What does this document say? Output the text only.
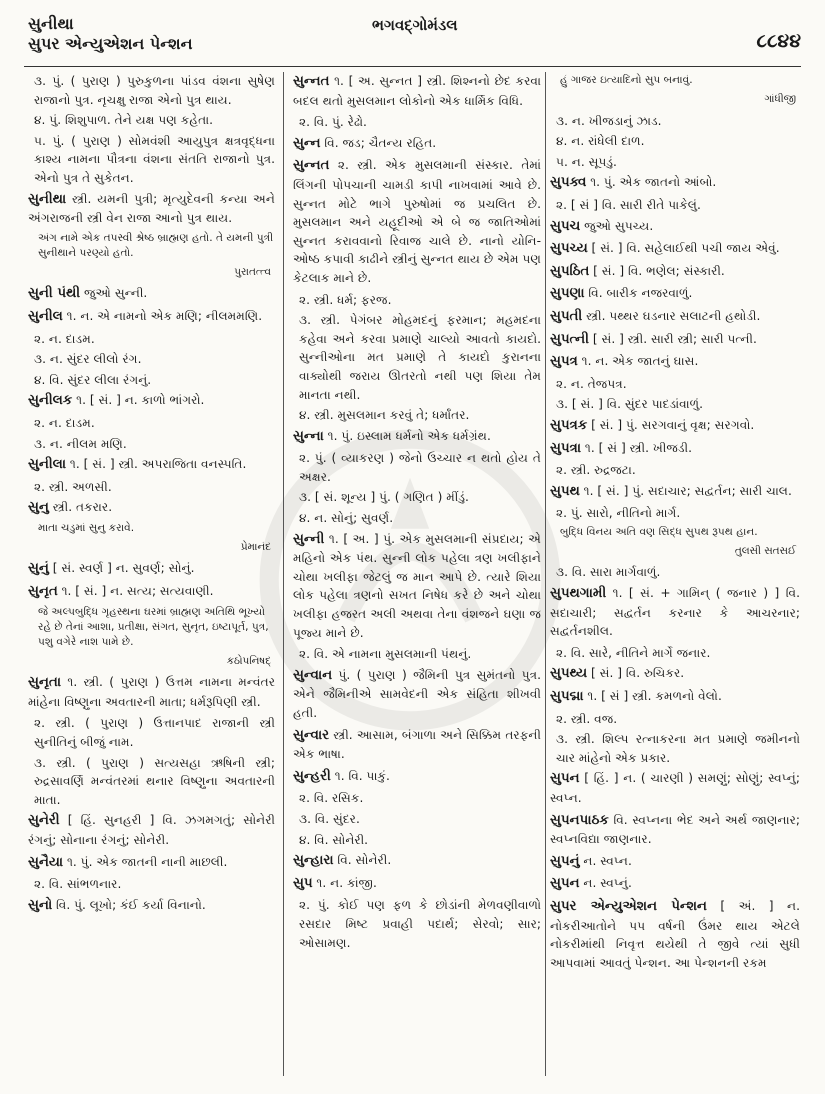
સુનીથા
સુપર એન્યુએશન પેન્શન
ભગવદ્ગોમંડલ
૮૮૪૪

૩. પું. ( પુરાણ ) પુરુકુળના પાંડવ વંશના સુષેણ રાજાનો પુત્ર. નૃચક્ષુ રાજા એનો પુત્ર થાય.

૪. પું. શિશુપાળ. તેને યક્ષ પણ કહેતા.

૫. પું. ( પુરાણ ) સોમવંશી આયુપુત્ર ક્ષત્રવૃદ્ધના કાશ્ય નામના પૌત્રના વંશના સંતતિ રાજાનો પુત્ર. એનો પુત્ર તે સુકેતન.

સુનીથા સ્ત્રી. યમની પુત્રી; મૃત્યુદેવની કન્યા અને અંગરાજની સ્ત્રી વેન રાજા આનો પુત્ર થાય.

અંગ નામે એક તપસ્વી શ્રેષ્ઠ બ્રાહ્મણ હતો. તે યમની પુત્રી સુનીથાને પરણ્યો હતો.
પુરાતત્ત્વ

સુની પંથી જુઓ સુન્ની.

સુનીલ ૧. ન. એ નામનો એક મણિ; નીલમમણિ.

૨. ન. દાડમ.

૩. ન. સુંદર લીલો રંગ.

૪. વિ. સુંદર લીલા રંગનું.

સુનીલક ૧. [ સં. ] ન. કાળો ભાંગરો.

૨. ન. દાડમ.

૩. ન. નીલમ મણિ.

સુનીલા ૧. [ સં. ] સ્ત્રી. અપરાજિતા વનસ્પતિ.

૨. સ્ત્રી. અળસી.

સુનુ સ્ત્રી. તકરાર.

માતા ચડુમાં સુનુ કરાવે.
પ્રેમાનંદ

સુનું [ સં. સ્વર્ણ ] ન. સુવર્ણ; સોનું.

સુનૃત ૧. [ સં. ] ન. સત્ય; સત્યવાણી.

જે અલ્પબુદ્ધિ ગૃહસ્થના ઘરમાં બ્રાહ્મણ અતિથિ ભૂખ્યો રહે છે તેનાં આશા, પ્રતીક્ષા, સંગત, સુનૃત, ઇષ્ટાપૂર્ત, પુત્ર, પશુ વગેરે નાશ પામે છે.
કઠોપનિષદ્

સુનૃતા ૧. સ્ત્રી. ( પુરાણ ) ઉત્તમ નામના મન્વંતર માંહેના વિષ્ણુના અવતારની માતા; ધર્મરૂપિણી સ્ત્રી.

૨. સ્ત્રી. ( પુરાણ ) ઉત્તાનપાદ રાજાની સ્ત્રી સુનીતિનું બીજું નામ.

૩. સ્ત્રી. ( પુરાણ ) સત્યસહા ઋષિની સ્ત્રી; રુદ્રસાવર્ણિ મન્વંતરમાં થનાર વિષ્ણુના અવતારની માતા.

સુનેરી [ હિં. સુનહરી ] વિ. ઝગમગતું; સોનેરી રંગનું; સોનાના રંગનું; સોનેરી.

સુનૈયા ૧. પું. એક જાતની નાની માછલી.

૨. વિ. સાંભળનાર.

સુનો વિ. પું. લૂખો; કંઈ કર્યા વિનાનો.

સુન્નત ૧. [ અ. સુન્નત ] સ્ત્રી. શિશ્નનો છેદ કરવા બદલ થતો મુસલમાન લોકોનો એક ધાર્મિક વિધિ.

૨. વિ. પું. રેઢો.

સુન્ન વિ. જડ; ચૈતન્ય રહિત.

સુન્નત ૨. સ્ત્રી. એક મુસલમાની સંસ્કાર. તેમાં લિંગની પોપચાની ચામડી કાપી નાખવામાં આવે છે. સુન્નત મોટે ભાગે પુરુષોમાં જ પ્રચલિત છે. મુસલમાન અને યહૂદીઓ એ બે જ જાતિઓમાં સુન્નત કરાવવાનો રિવાજ ચાલે છે. નાનો યોનિ-ઓષ્ઠ કપાવી કાઢીને સ્ત્રીનું સુન્નત થાય છે એમ પણ કેટલાક માને છે.

૨. સ્ત્રી. ધર્મ; ફરજ.

૩. સ્ત્રી. પેગંબર મોહમદનું ફરમાન; મહમદના કહેવા અને કરવા પ્રમાણે ચાલ્યો આવતો કાયદો. સુન્નીઓના મત પ્રમાણે તે કાયદો કુરાનના વાક્યોથી જરાય ઊતરતો નથી પણ શિયા તેમ માનતા નથી.

૪. સ્ત્રી. મુસલમાન કરવું તે; ધર્માંતર.

સુન્ના ૧. પું. ઇસ્લામ ધર્મનો એક ધર્મગ્રંથ.

૨. પું. ( વ્યાકરણ ) જેનો ઉચ્ચાર ન થતો હોય તે અક્ષર.

૩. [ સં. શૂન્ય ] પું. ( ગણિત ) મીંડું.

૪. ન. સોનું; સુવર્ણ.

સુન્ની ૧. [ અ. ] પું. એક મુસલમાની સંપ્રદાય; એ મહિનો એક પંથ. સુન્ની લોક પહેલા ત્રણ ખલીફાને ચોથા ખલીફા જેટલું જ માન આપે છે. ત્યારે શિયા લોક પહેલા ત્રણનો સખત નિષેધ કરે છે અને ચોથા ખલીફા હજરત અલી અથવા તેના વંશજને ઘણા જ પૂજ્ય માને છે.

૨. વિ. એ નામના મુસલમાની પંથનું.

સુન્વાન પું. ( પુરાણ ) જૈમિની પુત્ર સુમંતનો પુત્ર. એને જૈમિનીએ સામવેદની એક સંહિતા શીખવી હતી.

સુન્વાર સ્ત્રી. આસામ, બંગાળા અને સિક્કિમ તરફની એક ભાષા.

સુન્હરી ૧. વિ. પાકું.

૨. વિ. રસિક.

૩. વિ. સુંદર.

૪. વિ. સોનેરી.

સુન્હારા વિ. સોનેરી.

સુપ ૧. ન. કાંજી.

૨. પું. કોઈ પણ ફળ કે છોડાંની મેળવણીવાળો રસદાર મિષ્ટ પ્રવાહી પદાર્થ; સેરવો; સાર; ઓસામણ.

હું ગાજર ઇત્યાદિનો સુપ બનાવું.
ગાંધીજી

૩. ન. ખીજડાનું ઝાડ.

૪. ન. રાંધેલી દાળ.

૫. ન. સૂપડું.

સુપક્વ ૧. પું. એક જાતનો આંબો.

૨. [ સં ] વિ. સારી રીતે પાકેલું.

સુપચ જુઓ સુપચ્ય.

સુપચ્ય [ સં. ] વિ. સહેલાઈથી પચી જાય એવું.

સુપઠિત [ સં. ] વિ. ભણેલ; સંસ્કારી.

સુપણા વિ. બારીક નજરવાળું.

સુપતી સ્ત્રી. પથ્થર ઘડનાર સલાટની હથોડી.

સુપત્ની [ સં. ] સ્ત્રી. સારી સ્ત્રી; સારી પત્ની.

સુપત્ર ૧. ન. એક જાતનું ઘાસ.

૨. ન. તેજપત્ર.

૩. [ સં. ] વિ. સુંદર પાદડાંવાળું.

સુપત્રક [ સં. ] પું. સરગવાનું વૃક્ષ; સરગવો.

સુપત્રા ૧. [ સં ] સ્ત્રી. ખીજડી.

૨. સ્ત્રી. રુદ્રજટા.

સુપથ ૧. [ સં. ] પું. સદાચાર; સદ્વર્તન; સારી ચાલ.

૨. પું. સારો, નીતિનો માર્ગ.

બુદ્ધિ વિનય અતિ વણ સિદ્ધ સુપથ રૂપથ હાન.
તુલસી સતસઈ

૩. વિ. સારા માર્ગવાળું.

સુપથગામી ૧. [ સં. + ગામિન્ ( જનાર ) ] વિ. સદાચારી; સદ્વર્તન કરનાર કે આચરનાર; સદ્વર્તનશીલ.

૨. વિ. સારે, નીતિને માર્ગે જનાર.

સુપથ્ય [ સં. ] વિ. રુચિકર.

સુપદ્મા ૧. [ સં ] સ્ત્રી. કમળનો વેલો.

૨. સ્ત્રી. વજ.

૩. સ્ત્રી. શિલ્પ રત્નાકરના મત પ્રમાણે જમીનનો ચાર માંહેનો એક પ્રકાર.

સુપન [ હિં. ] ન. ( ચારણી ) સમણું; સોણું; સ્વપ્નું; સ્વપ્ન.

સુપનપાઠક વિ. સ્વપ્નના ભેદ અને અર્થ જાણનાર; સ્વપ્નવિદ્યા જાણનાર.

સુપનું ન. સ્વપ્ન.

સુપન ન. સ્વપ્નું.

સુપર એન્યુએશન પેન્શન [ અં. ] ન. નોકરીઆતોને પપ વર્ષની ઉંમર થાય એટલે નોકરીમાંથી નિવૃત્ત થયેથી તે જીવે ત્યાં સુધી આપવામાં આવતું પેન્શન. આ પેન્શનની રકમ
